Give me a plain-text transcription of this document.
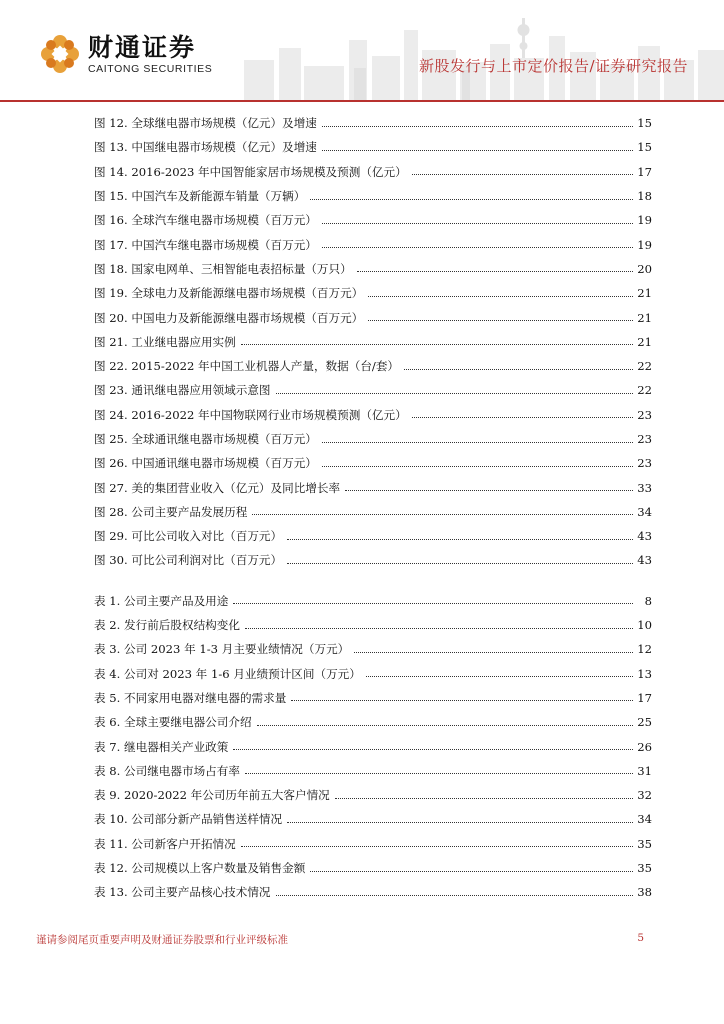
财通证券
CAITONG SECURITIES	新股发行与上市定价报告/证券研究报告
图 12. 全球继电器市场规模（亿元）及增速	15
图 13. 中国继电器市场规模（亿元）及增速	15
图 14. 2016-2023 年中国智能家居市场规模及预测（亿元）	17
图 15. 中国汽车及新能源车销量（万辆）	18
图 16. 全球汽车继电器市场规模（百万元）	19
图 17. 中国汽车继电器市场规模（百万元）	19
图 18. 国家电网单、三相智能电表招标量（万只）	20
图 19. 全球电力及新能源继电器市场规模（百万元）	21
图 20. 中国电力及新能源继电器市场规模（百万元）	21
图 21. 工业继电器应用实例	21
图 22. 2015-2022 年中国工业机器人产量，数据（台/套）	22
图 23. 通讯继电器应用领域示意图	22
图 24. 2016-2022 年中国物联网行业市场规模预测（亿元）	23
图 25. 全球通讯继电器市场规模（百万元）	23
图 26. 中国通讯继电器市场规模（百万元）	23
图 27. 美的集团营业收入（亿元）及同比增长率	33
图 28. 公司主要产品发展历程	34
图 29. 可比公司收入对比（百万元）	43
图 30. 可比公司利润对比（百万元）	43
表 1. 公司主要产品及用途	8
表 2. 发行前后股权结构变化	10
表 3. 公司 2023 年 1-3 月主要业绩情况（万元）	12
表 4. 公司对 2023 年 1-6 月业绩预计区间（万元）	13
表 5. 不同家用电器对继电器的需求量	17
表 6. 全球主要继电器公司介绍	25
表 7. 继电器相关产业政策	26
表 8. 公司继电器市场占有率	31
表 9. 2020-2022 年公司历年前五大客户情况	32
表 10. 公司部分新产品销售送样情况	34
表 11. 公司新客户开拓情况	35
表 12. 公司规模以上客户数量及销售金额	35
表 13. 公司主要产品核心技术情况	38
谨请参阅尾页重要声明及财通证券股票和行业评级标准	5
